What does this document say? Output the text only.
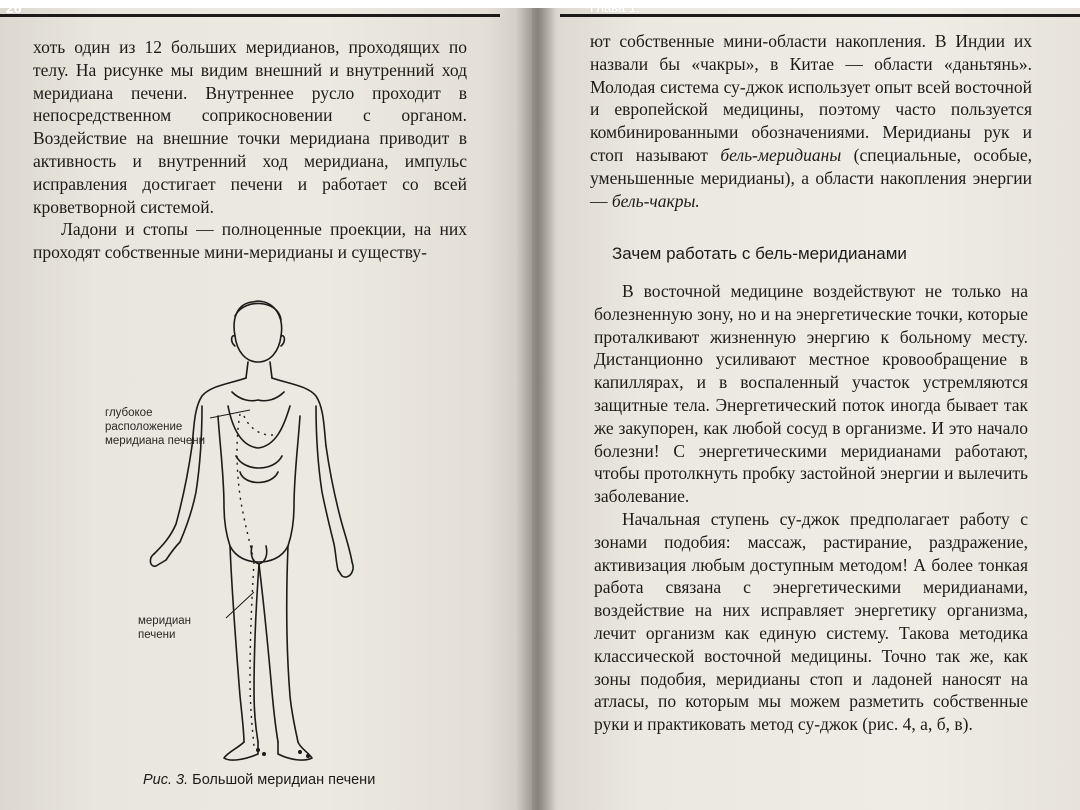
26	Глава 1.

хоть один из 12 больших меридианов, проходящих по телу. На рисунке мы видим внешний и внутренний ход меридиана печени. Внутреннее русло проходит в непосредственном соприкосновении с органом. Воздействие на внешние точки меридиана приводит в активность и внутренний ход меридиана, импульс исправления достигает печени и работает со всей кроветворной системой.

Ладони и стопы — полноценные проекции, на них проходят собственные мини-меридианы и существу-

глубокое расположение меридиана печени
меридиан печени
Рис. 3. Большой меридиан печени

ют собственные мини-области накопления. В Индии их назвали бы «чакры», в Китае — области «даньтянь». Молодая система су-джок использует опыт всей восточной и европейской медицины, поэтому часто пользуется комбинированными обозначениями. Меридианы рук и стоп называют бель-меридианы (специальные, особые, уменьшенные меридианы), а области накопления энергии — бель-чакры.

Зачем работать с бель-меридианами

В восточной медицине воздействуют не только на болезненную зону, но и на энергетические точки, которые проталкивают жизненную энергию к больному месту. Дистанционно усиливают местное кровообращение в капиллярах, и в воспаленный участок устремляются защитные тела. Энергетический поток иногда бывает так же закупорен, как любой сосуд в организме. И это начало болезни! С энергетическими меридианами работают, чтобы протолкнуть пробку застойной энергии и вылечить заболевание.

Начальная ступень су-джок предполагает работу с зонами подобия: массаж, растирание, раздражение, активизация любым доступным методом! А более тонкая работа связана с энергетическими меридианами, воздействие на них исправляет энергетику организма, лечит организм как единую систему. Такова методика классической восточной медицины. Точно так же, как зоны подобия, меридианы стоп и ладоней наносят на атласы, по которым мы можем разметить собственные руки и практиковать метод су-джок (рис. 4, а, б, в).
